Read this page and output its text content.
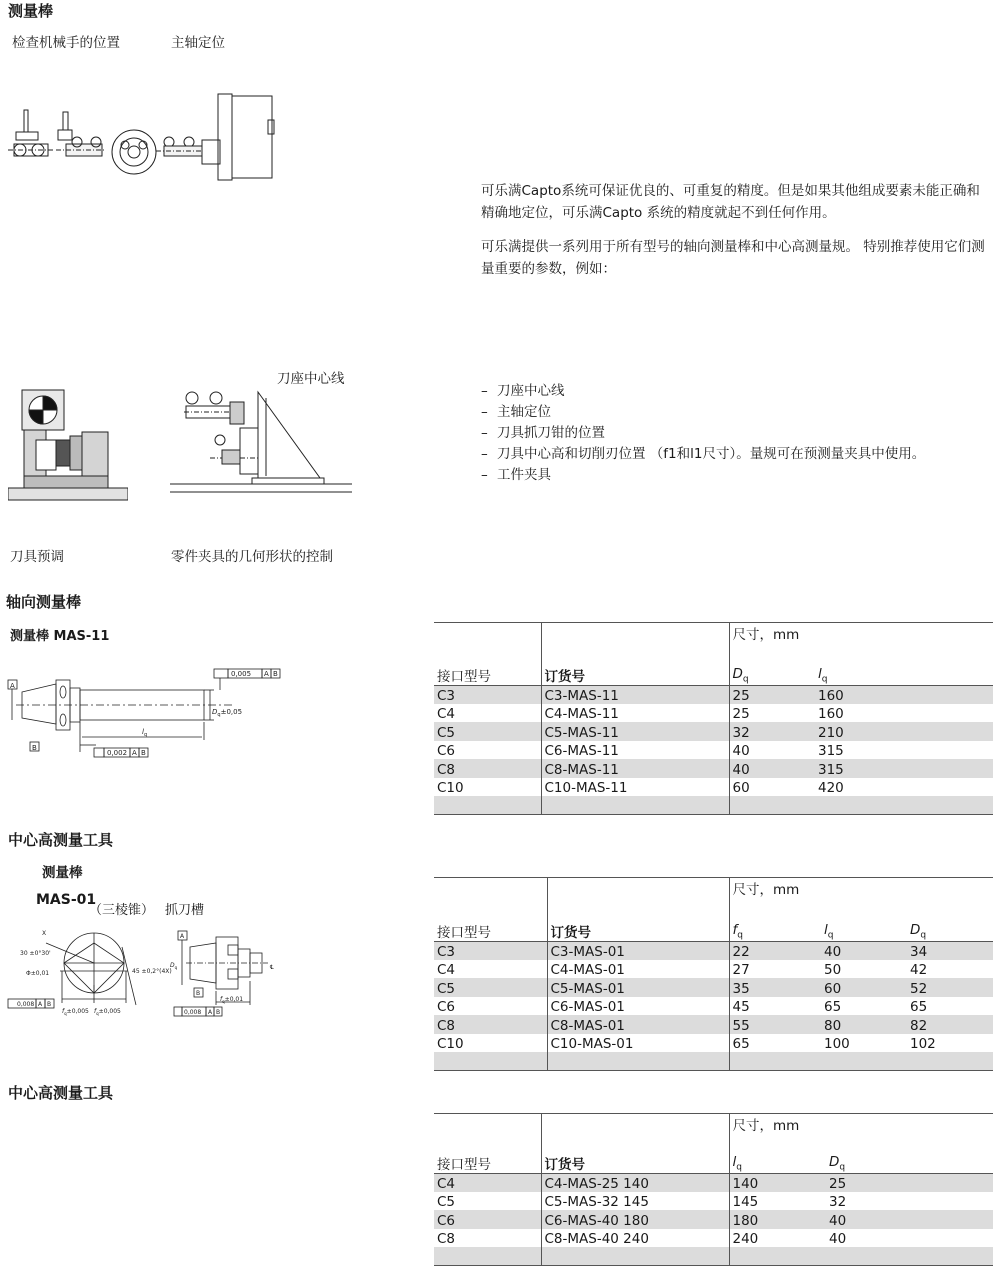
测量棒
检查机械手的位置	主轴定位
可乐满Capto系统可保证优良的、可重复的精度。但是如果其他组成要素未能正确和精确地定位，可乐满Capto 系统的精度就起不到任何作用。
可乐满提供一系列用于所有型号的轴向测量棒和中心高测量规。 特别推荐使用它们测量重要的参数，例如：
刀座中心线
– 刀座中心线
– 主轴定位
– 刀具抓刀钳的位置
– 刀具中心高和切削刃位置 （f1和l1尺寸）。量规可在预测量夹具中使用。
– 工件夹具
刀具预调	零件夹具的几何形状的控制
轴向测量棒
测量棒 MAS-11
A
B
0,005 A B
0,002 A B
$D_q\pm 0,05$
$l_q$
		尺寸，mm	
接口型号	订货号	$D_q$	$l_q$
C3	C3-MAS-11	25	160
C4	C4-MAS-11	25	160
C5	C5-MAS-11	32	210
C6	C6-MAS-11	40	315
C8	C8-MAS-11	40	315
C10	C10-MAS-11	60	420

中心高测量工具
测量棒
MAS-01
（三棱锥） 抓刀槽
X
30 ±0°30'
Φ±0,01	45 ±0,2°(4X)
0,008 A B
$f_q\pm 0,005$ $f_q\pm 0,005$
A
$D_q$	℄
B
$f_q\pm 0,01$
0,008 A B
		尺寸，mm		
接口型号	订货号	$f_q$	$l_q$	$D_q$
C3	C3-MAS-01	22	40	34
C4	C4-MAS-01	27	50	42
C5	C5-MAS-01	35	60	52
C6	C6-MAS-01	45	65	65
C8	C8-MAS-01	55	80	82
C10	C10-MAS-01	65	100	102

中心高测量工具
		尺寸，mm	
接口型号	订货号	$l_q$	$D_q$
C4	C4-MAS-25 140	140	25
C5	C5-MAS-32 145	145	32
C6	C6-MAS-40 180	180	40
C8	C8-MAS-40 240	240	40
